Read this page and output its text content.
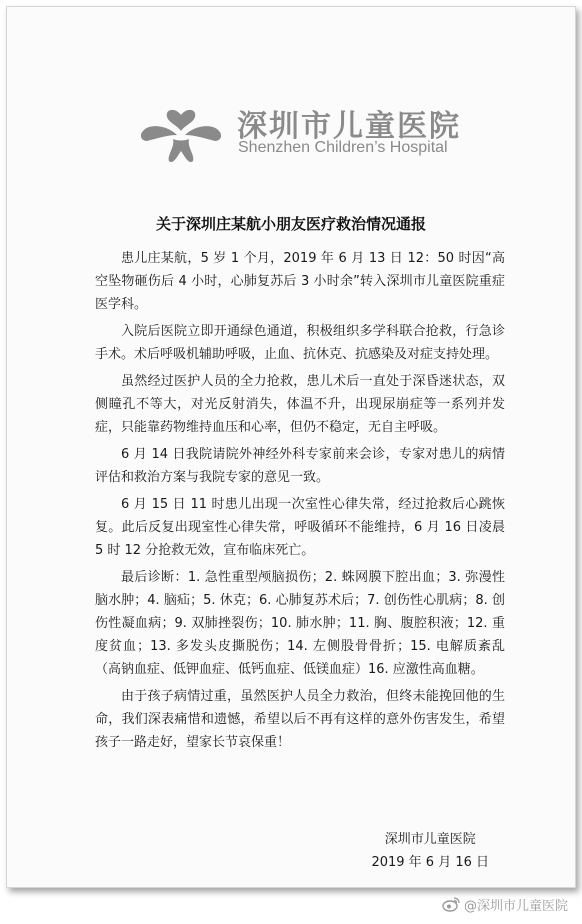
深圳市儿童医院
Shenzhen Children’s Hospital
关于深圳庄某航小朋友医疗救治情况通报

患儿庄某航，5 岁 1 个月，2019 年 6 月 13 日 12：50 时因“高空坠物砸伤后 4 小时，心肺复苏后 3 小时余”转入深圳市儿童医院重症医学科。

入院后医院立即开通绿色通道，积极组织多学科联合抢救，行急诊手术。术后呼吸机辅助呼吸，止血、抗休克、抗感染及对症支持处理。

虽然经过医护人员的全力抢救，患儿术后一直处于深昏迷状态，双侧瞳孔不等大，对光反射消失，体温不升，出现尿崩症等一系列并发症，只能靠药物维持血压和心率，但仍不稳定，无自主呼吸。

6 月 14 日我院请院外神经外科专家前来会诊，专家对患儿的病情评估和救治方案与我院专家的意见一致。

6 月 15 日 11 时患儿出现一次室性心律失常，经过抢救后心跳恢复。此后反复出现室性心律失常，呼吸循环不能维持，6 月 16 日凌晨 5 时 12 分抢救无效，宣布临床死亡。

最后诊断：1. 急性重型颅脑损伤；2. 蛛网膜下腔出血；3. 弥漫性脑水肿；4. 脑疝；5. 休克；6. 心肺复苏术后；7. 创伤性心肌病；8. 创伤性凝血病；9. 双肺挫裂伤；10. 肺水肿；11. 胸、腹腔积液；12. 重度贫血；13. 多发头皮撕脱伤；14. 左侧股骨骨折；15. 电解质紊乱（高钠血症、低钾血症、低钙血症、低镁血症）16. 应激性高血糖。

由于孩子病情过重，虽然医护人员全力救治，但终未能挽回他的生命，我们深表痛惜和遗憾，希望以后不再有这样的意外伤害发生，希望孩子一路走好，望家长节哀保重！

深圳市儿童医院
2019 年 6 月 16 日
@深圳市儿童医院
